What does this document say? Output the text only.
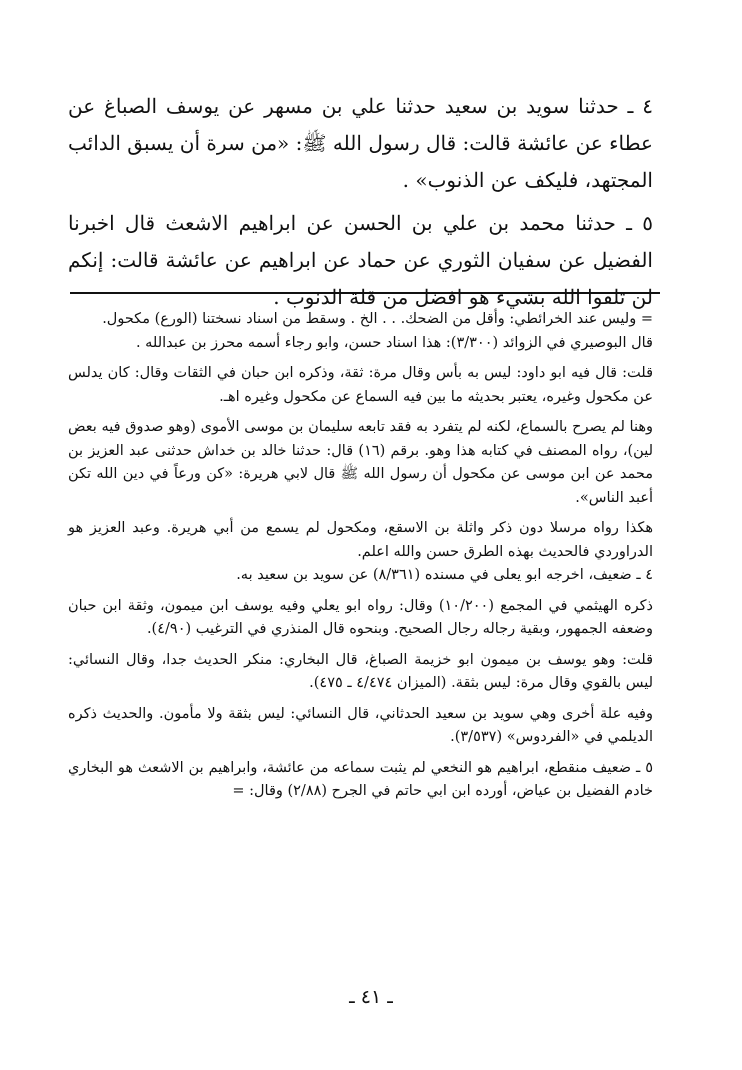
٤ ـ حدثنا سويد بن سعيد حدثنا علي بن مسهر عن يوسف الصباغ عن عطاء عن عائشة قالت: قال رسول الله ﷺ: «من سرة أن يسبق الدائب المجتهد، فليكف عن الذنوب» .

٥ ـ حدثنا محمد بن علي بن الحسن عن ابراهيم الاشعث قال اخبرنا الفضيل عن سفيان الثوري عن حماد عن ابراهيم عن عائشة قالت: إنكم لن تلقوا الله بشيء هو افضل من قلة الذنوب .

= وليس عند الخرائطي: وأقل من الضحك. . . الخ . وسقط من اسناد نسختنا (الورع) مكحول.

قال البوصيري في الزوائد (٣/٣٠٠): هذا اسناد حسن، وابو رجاء أسمه محرز بن عبدالله .

قلت: قال فيه ابو داود: ليس به بأس وقال مرة: ثقة، وذكره ابن حبان في الثقات وقال: كان يدلس عن مكحول وغيره، يعتبر بحديثه ما بين فيه السماع عن مكحول وغيره اهـ.

وهنا لم يصرح بالسماع، لكنه لم يتفرد به فقد تابعه سليمان بن موسى الأموى (وهو صدوق فيه بعض لين)، رواه المصنف في كتابه هذا وهو. برقم (١٦) قال: حدثنا خالد بن خداش حدثنى عبد العزيز بن محمد عن ابن موسى عن مكحول أن رسول الله ﷺ قال لابي هريرة: «كن ورعاً في دين الله تكن أعبد الناس».

هكذا رواه مرسلا دون ذكر واثلة بن الاسقع، ومكحول لم يسمع من أبي هريرة. وعبد العزيز هو الدراوردي فالحديث بهذه الطرق حسن والله اعلم.

٤ ـ ضعيف، اخرجه ابو يعلى في مسنده (٨/٣٦١) عن سويد بن سعيد به.

ذكره الهيثمي في المجمع (١٠/٢٠٠) وقال: رواه ابو يعلي وفيه يوسف ابن ميمون، وثقة ابن حبان وضعفه الجمهور، وبقية رجاله رجال الصحيح. وبنحوه قال المنذري في الترغيب (٤/٩٠).

قلت: وهو يوسف بن ميمون ابو خزيمة الصباغ، قال البخاري: منكر الحديث جدا، وقال النسائي: ليس بالقوي وقال مرة: ليس بثقة. (الميزان ٤/٤٧٤ ـ ٤٧٥).

وفيه علة أخرى وهي سويد بن سعيد الحدثاني، قال النسائي: ليس بثقة ولا مأمون. والحديث ذكره الديلمي في «الفردوس» (٣/٥٣٧).

٥ ـ ضعيف منقطع، ابراهيم هو النخعي لم يثبت سماعه من عائشة، وابراهيم بن الاشعث هو البخاري خادم الفضيل بن عياض، أورده ابن ابي حاتم في الجرح (٢/٨٨) وقال: =

ـ ٤١ ـ
